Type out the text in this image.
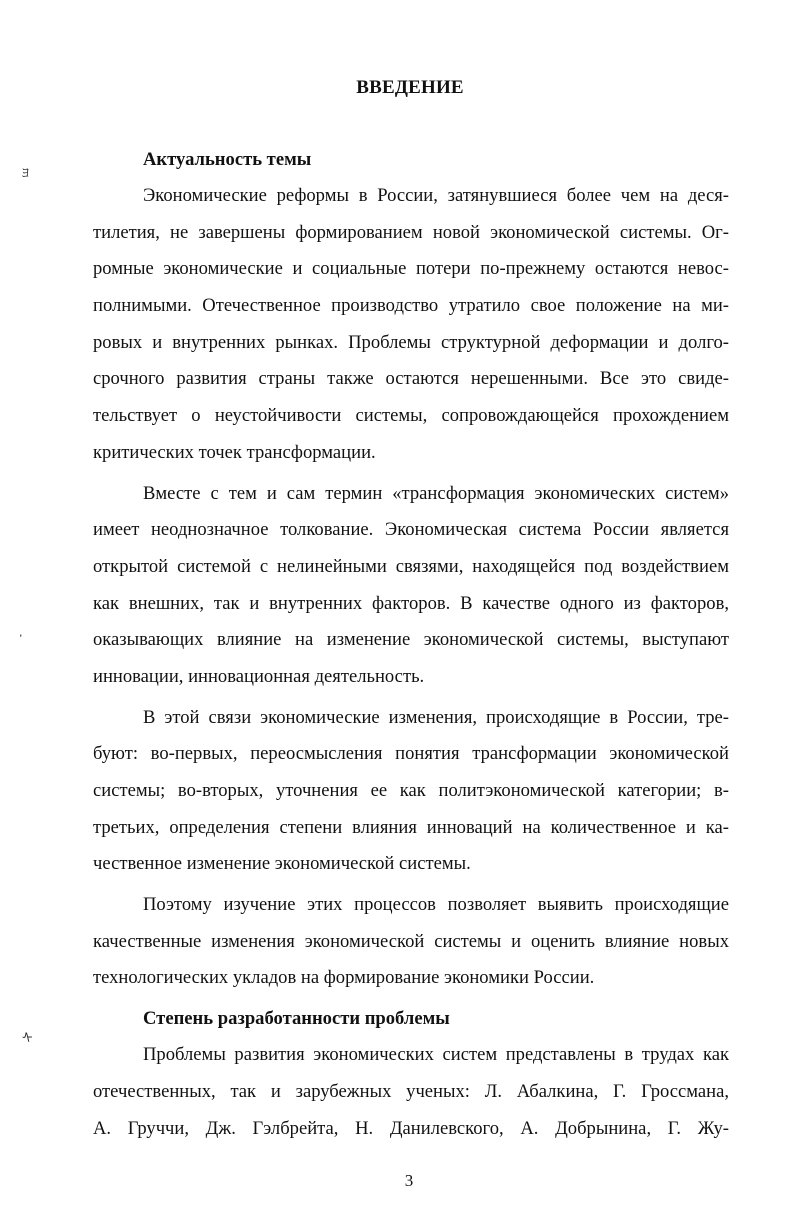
ﾖ
ᠰ
ВВЕДЕНИЕ
Актуальность темы
Экономические реформы в России, затянувшиеся более чем на деся-
тилетия, не завершены формированием новой экономической системы. Ог-
ромные экономические и социальные потери по-прежнему остаются невос-
полнимыми. Отечественное производство утратило свое положение на ми-
ровых и внутренних рынках. Проблемы структурной деформации и долго-
срочного развития страны также остаются нерешенными. Все это свиде-
тельствует о неустойчивости системы, сопровождающейся прохождением
критических точек трансформации.
Вместе с тем и сам термин «трансформация экономических систем»
имеет неоднозначное толкование. Экономическая система России является
открытой системой с нелинейными связями, находящейся под воздействием
как внешних, так и внутренних факторов. В качестве одного из факторов,
оказывающих влияние на изменение экономической системы, выступают
инновации, инновационная деятельность.
В этой связи экономические изменения, происходящие в России, тре-
буют: во-первых, переосмысления понятия трансформации экономической
системы; во-вторых, уточнения ее как политэкономической категории; в-
третьих, определения степени влияния инноваций на количественное и ка-
чественное изменение экономической системы.
Поэтому изучение этих процессов позволяет выявить происходящие
качественные изменения экономической системы и оценить влияние новых
технологических укладов на формирование экономики России.
Степень разработанности проблемы
Проблемы развития экономических систем представлены в трудах как
отечественных, так и зарубежных ученых: Л. Абалкина, Г. Гроссмана,
А. Груччи, Дж. Гэлбрейта, Н. Данилевского, А. Добрынина, Г. Жу-
3
